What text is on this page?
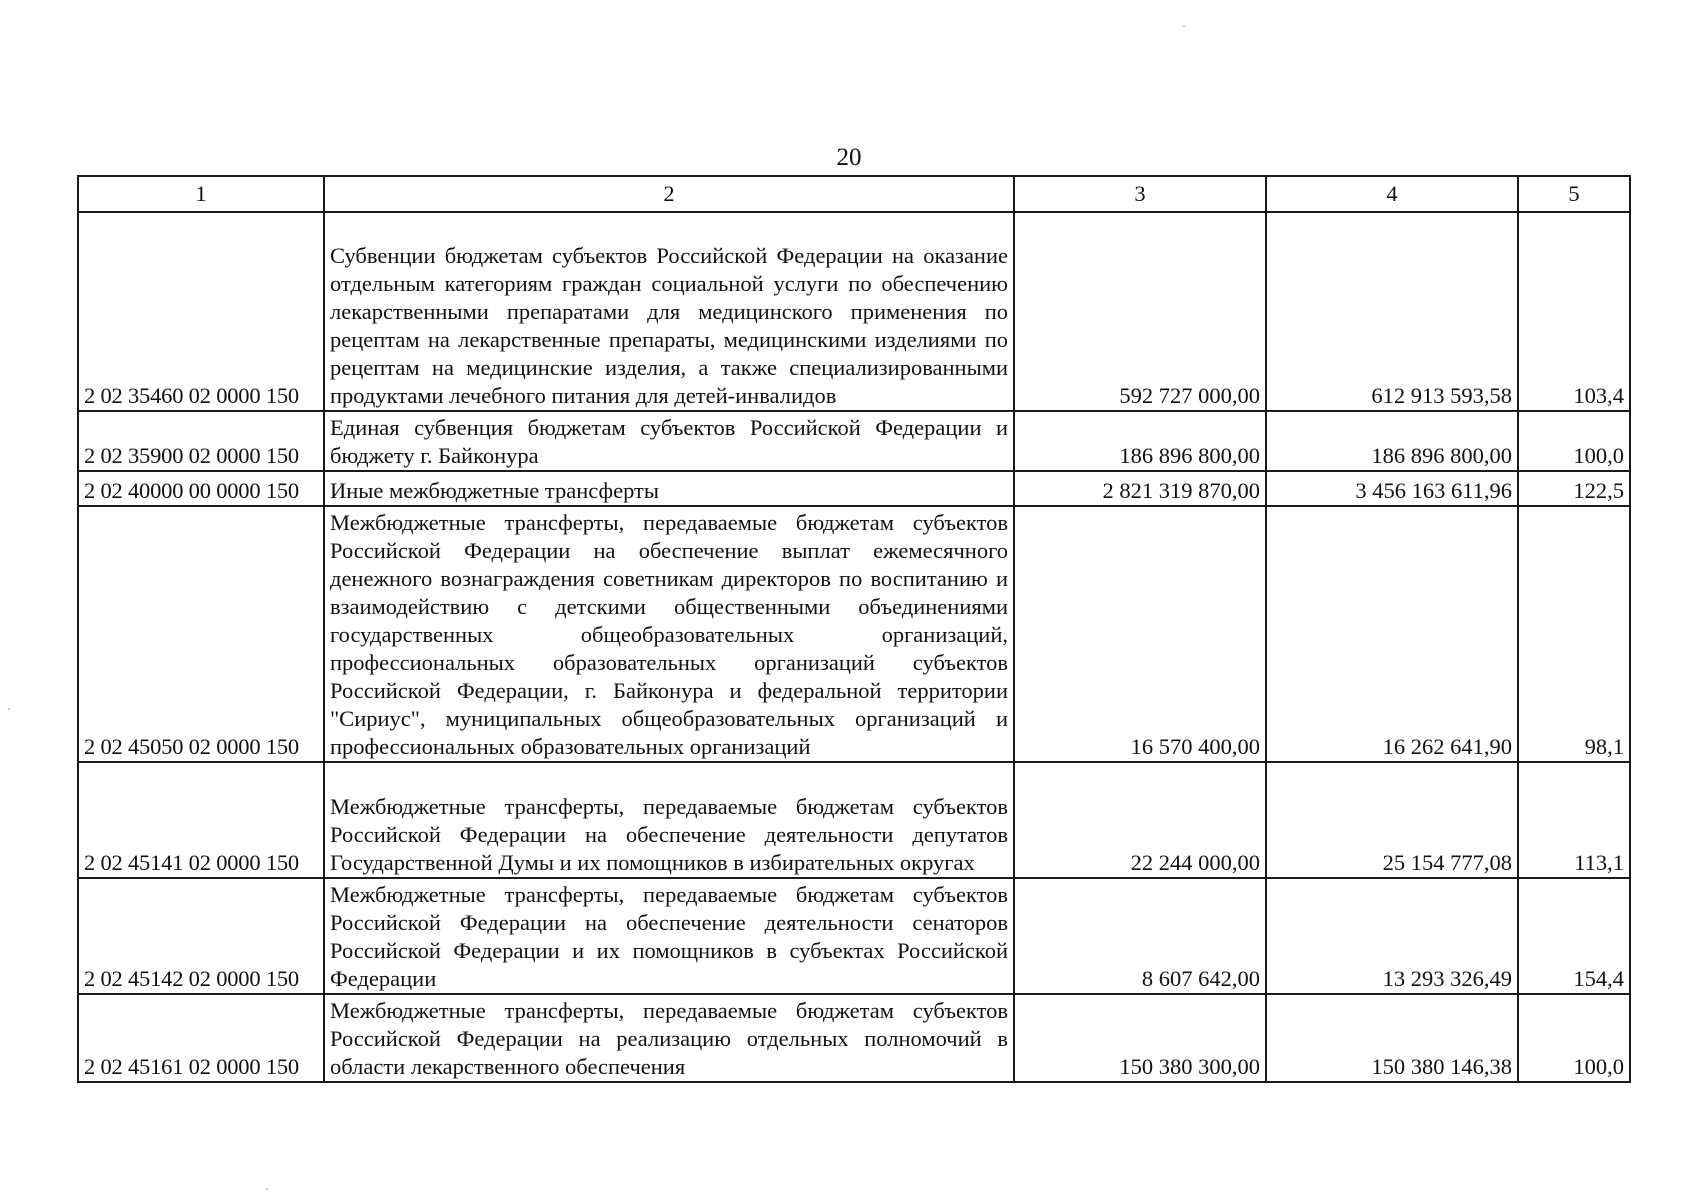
20
1	2	3	4	5
2 02 35460 02 0000 150	Субвенции бюджетам субъектов Российской Федерации на оказание отдельным категориям граждан социальной услуги по обеспечению лекарственными препаратами для медицинского применения по рецептам на лекарственные препараты, медицинскими изделиями по рецептам на медицинские изделия, а также специализированными продуктами лечебного питания для детей-инвалидов	592 727 000,00	612 913 593,58	103,4
2 02 35900 02 0000 150	Единая субвенция бюджетам субъектов Российской Федерации и бюджету г. Байконура	186 896 800,00	186 896 800,00	100,0
2 02 40000 00 0000 150	Иные межбюджетные трансферты	2 821 319 870,00	3 456 163 611,96	122,5
2 02 45050 02 0000 150	Межбюджетные трансферты, передаваемые бюджетам субъектов Российской Федерации на обеспечение выплат ежемесячного денежного вознаграждения советникам директоров по воспитанию и взаимодействию с детскими общественными объединениями государственных общеобразовательных организаций, профессиональных образовательных организаций субъектов Российской Федерации, г. Байконура и федеральной территории "Сириус", муниципальных общеобразовательных организаций и профессиональных образовательных организаций	16 570 400,00	16 262 641,90	98,1
2 02 45141 02 0000 150	Межбюджетные трансферты, передаваемые бюджетам субъектов Российской Федерации на обеспечение деятельности депутатов Государственной Думы и их помощников в избирательных округах	22 244 000,00	25 154 777,08	113,1
2 02 45142 02 0000 150	Межбюджетные трансферты, передаваемые бюджетам субъектов Российской Федерации на обеспечение деятельности сенаторов Российской Федерации и их помощников в субъектах Российской Федерации	8 607 642,00	13 293 326,49	154,4
2 02 45161 02 0000 150	Межбюджетные трансферты, передаваемые бюджетам субъектов Российской Федерации на реализацию отдельных полномочий в области лекарственного обеспечения	150 380 300,00	150 380 146,38	100,0
